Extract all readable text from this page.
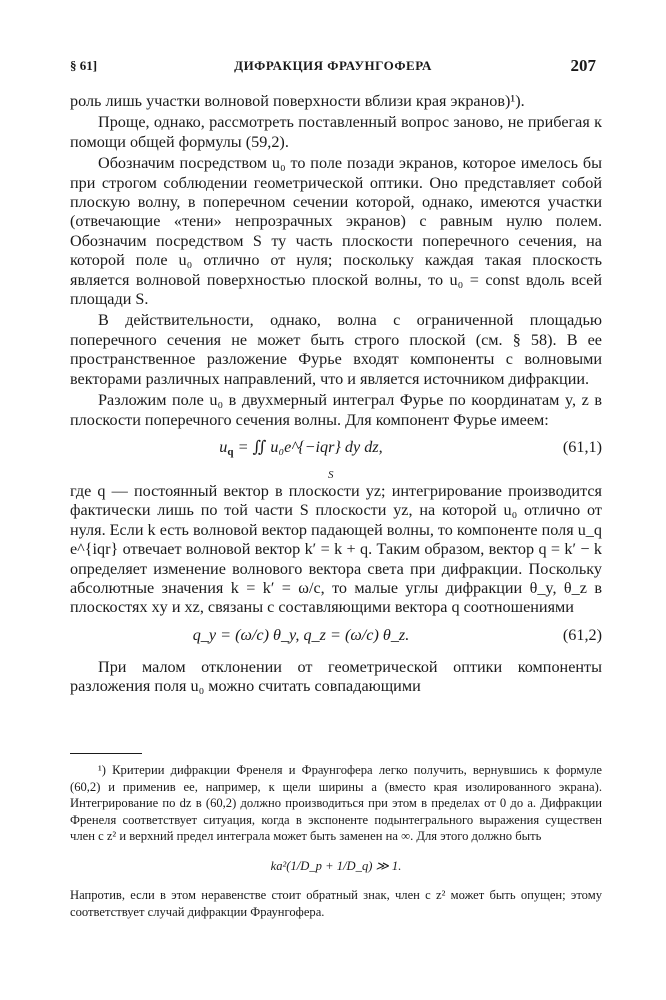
§ 61]	ДИФРАКЦИЯ ФРАУНГОФЕРА	207

роль лишь участки волновой поверхности вблизи края экранов)¹).

Проще, однако, рассмотреть поставленный вопрос заново, не прибегая к помощи общей формулы (59,2).

Обозначим посредством u₀ то поле позади экранов, которое имелось бы при строгом соблюдении геометрической оптики. Оно представляет собой плоскую волну, в поперечном сечении которой, однако, имеются участки (отвечающие «тени» непрозрачных экранов) с равным нулю полем. Обозначим посредством S ту часть плоскости поперечного сечения, на которой поле u₀ отлично от нуля; поскольку каждая такая плоскость является волновой поверхностью плоской волны, то u₀ = const вдоль всей площади S.

В действительности, однако, волна с ограниченной площадью поперечного сечения не может быть строго плоской (см. § 58). В ее пространственное разложение Фурье входят компоненты с волновыми векторами различных направлений, что и является источником дифракции.

Разложим поле u₀ в двухмерный интеграл Фурье по координатам y, z в плоскости поперечного сечения волны. Для компонент Фурье имеем:

$u_q$ = ∬ u₀e^{−iqr} dy dz,
S
(61,1)

где q — постоянный вектор в плоскости yz; интегрирование производится фактически лишь по той части S плоскости yz, на которой u₀ отлично от нуля. Если k есть волновой вектор падающей волны, то компоненте поля u_q e^{iqr} отвечает волновой вектор k′ = k + q. Таким образом, вектор q = k′ − k определяет изменение волнового вектора света при дифракции. Поскольку абсолютные значения k = k′ = ω/c, то малые углы дифракции θ_y, θ_z в плоскостях xy и xz, связаны с составляющими вектора q соотношениями

q_y = (ω/c) θ_y, q_z = (ω/c) θ_z.	(61,2)

При малом отклонении от геометрической оптики компоненты разложения поля u₀ можно считать совпадающими

¹) Критерии дифракции Френеля и Фраунгофера легко получить, вернувшись к формуле (60,2) и применив ее, например, к щели ширины a (вместо края изолированного экрана). Интегрирование по dz в (60,2) должно производиться при этом в пределах от 0 до a. Дифракции Френеля соответствует ситуация, когда в экспоненте подынтегрального выражения существен член с z² и верхний предел интеграла может быть заменен на ∞. Для этого должно быть

ka²(1/D_p + 1/D_q) ≫ 1.

Напротив, если в этом неравенстве стоит обратный знак, член с z² может быть опущен; этому соответствует случай дифракции Фраунгофера.
